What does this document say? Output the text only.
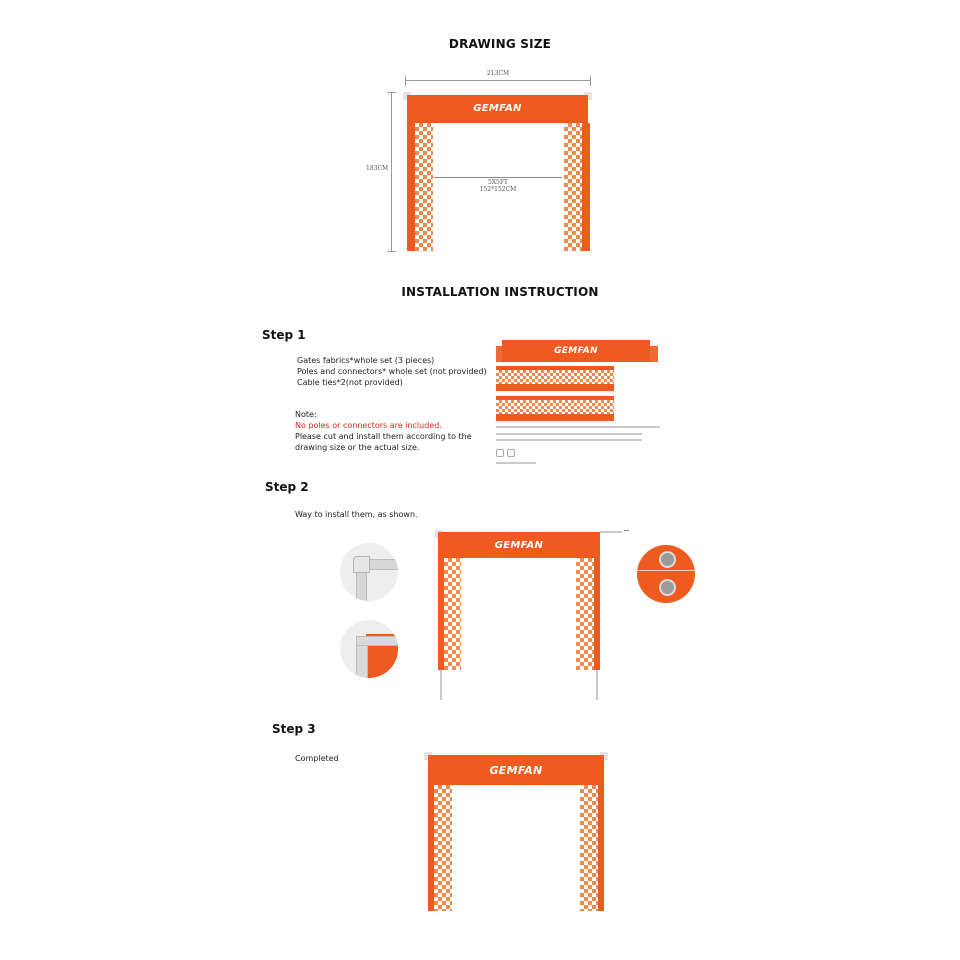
DRAWING SIZE
213CM
183CM
GEMFAN
5X5FT
152*152CM
INSTALLATION INSTRUCTION
Step 1
Gates fabrics*whole set (3 pieces)
Poles and connectors* whole set (not provided)
Cable ties*2(not provided)
Note:
No poles or connectors are included.
Please cut and install them according to the
drawing size or the actual size.
GEMFAN
Step 2
Way to install them, as shown.
GEMFAN
Step 3
Completed
GEMFAN
